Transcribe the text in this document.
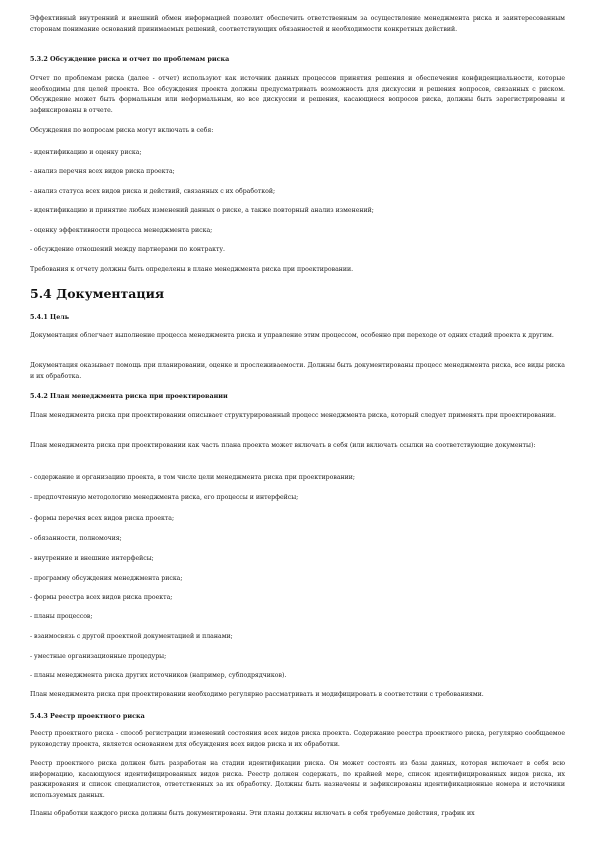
Эффективный внутренний и внешний обмен информацией позволит обеспечить ответственным за осуществление менеджмента риска и заинтересованным сторонам понимание оснований принимаемых решений, соответствующих обязанностей и необходимости конкретных действий.
5.3.2 Обсуждение риска и отчет по проблемам риска
Отчет по проблемам риска (далее - отчет) используют как источник данных процессов принятия решения и обеспечения конфиденциальности, которые необходимы для целей проекта. Все обсуждения проекта должны предусматривать возможность для дискуссии и решения вопросов, связанных с риском. Обсуждение может быть формальным или неформальным, но все дискуссии и решения, касающиеся вопросов риска, должны быть зарегистрированы и зафиксированы в отчете.
Обсуждения по вопросам риска могут включать в себя:
- идентификацию и оценку риска;
- анализ перечня всех видов риска проекта;
- анализ статуса всех видов риска и действий, связанных с их обработкой;
- идентификацию и принятие любых изменений данных о риске, а также повторный анализ изменений;
- оценку эффективности процесса менеджмента риска;
- обсуждение отношений между партнерами по контракту.
Требования к отчету должны быть определены в плане менеджмента риска при проектировании.
5.4 Документация
5.4.1 Цель
Документация облегчает выполнение процесса менеджмента риска и управление этим процессом, особенно при переходе от одних стадий проекта к другим.
Документация оказывает помощь при планировании, оценке и прослеживаемости. Должны быть документированы процесс менеджмента риска, все виды риска и их обработка.
5.4.2 План менеджмента риска при проектировании
План менеджмента риска при проектировании описывает структурированный процесс менеджмента риска, который следует применять при проектировании.
План менеджмента риска при проектировании как часть плана проекта может включать в себя (или включать ссылки на соответствующие документы):
- содержание и организацию проекта, в том числе цели менеджмента риска при проектировании;
- предпочтенную методологию менеджмента риска, его процессы и интерфейсы;
- формы перечня всех видов риска проекта;
- обязанности, полномочия;
- внутренние и внешние интерфейсы;
- программу обсуждения менеджмента риска;
- формы реестра всех видов риска проекта;
- планы процессов;
- взаимосвязь с другой проектной документацией и планами;
- уместные организационные процедуры;
- планы менеджмента риска других источников (например, субподрядчиков).
План менеджмента риска при проектировании необходимо регулярно рассматривать и модифицировать в соответствии с требованиями.
5.4.3 Реестр проектного риска
Реестр проектного риска - способ регистрации изменений состояния всех видов риска проекта. Содержание реестра проектного риска, регулярно сообщаемое руководству проекта, является основанием для обсуждения всех видов риска и их обработки.
Реестр проектного риска должен быть разработан на стадии идентификации риска. Он может состоять из базы данных, которая включает в себя всю информацию, касающуюся идентифицированных видов риска. Реестр должен содержать, по крайней мере, список идентифицированных видов риска, их ранжирования и список специалистов, ответственных за их обработку. Должны быть назначены и зафиксированы идентификационные номера и источники используемых данных.
Планы обработки каждого риска должны быть документированы. Эти планы должны включать в себя требуемые действия, график их
